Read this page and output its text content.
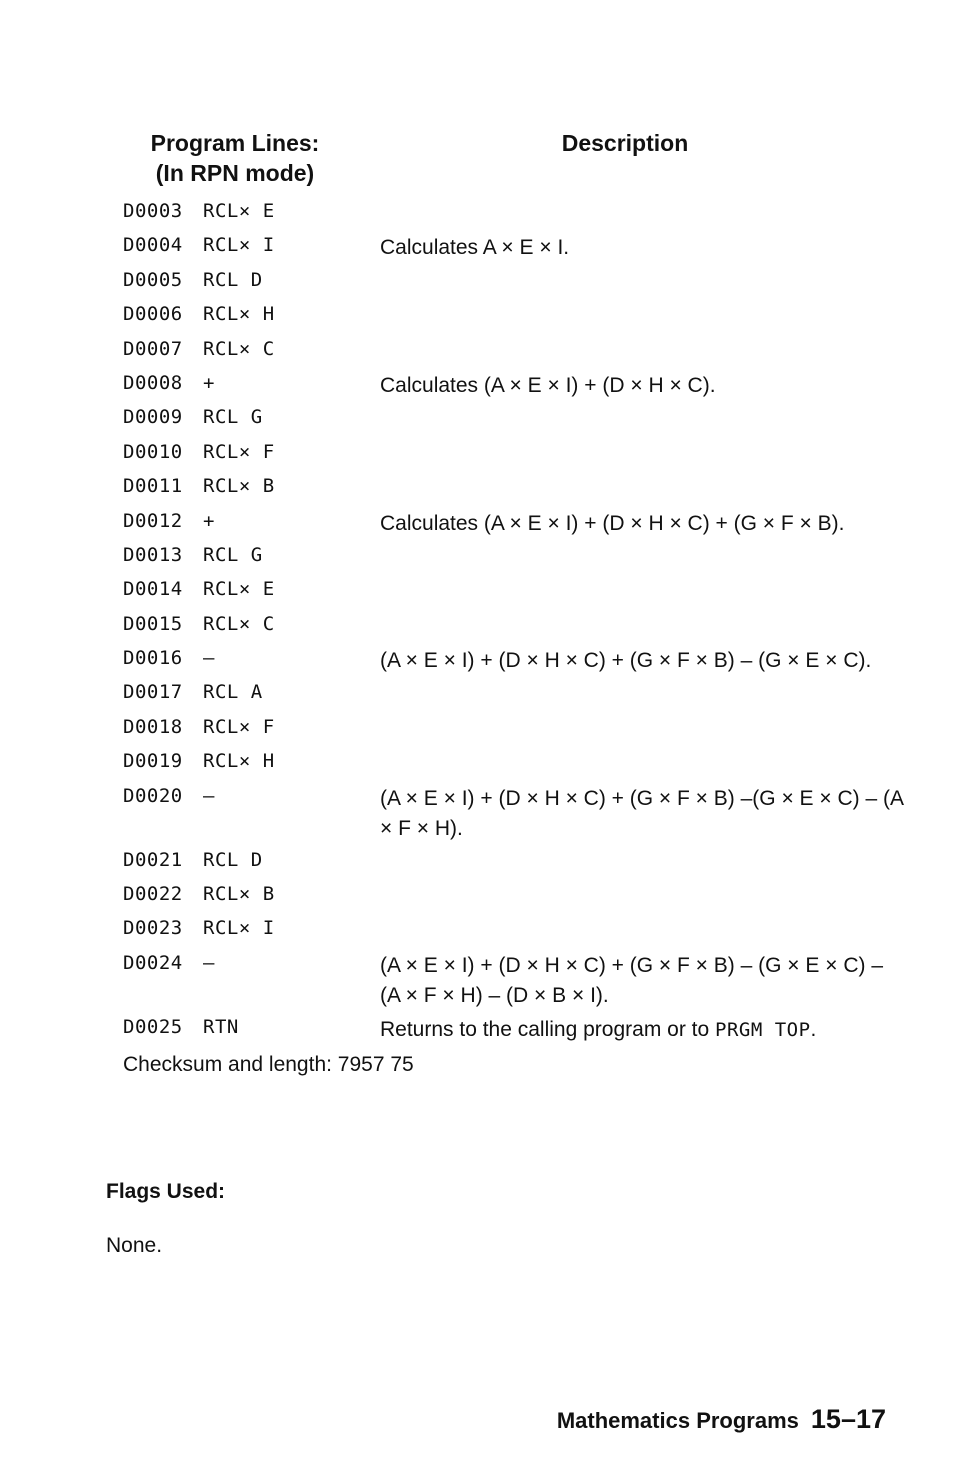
Program Lines:
(In RPN mode)
Description
D0003	RCL× E
D0004	RCL× I	Calculates A × E × I.
D0005	RCL D
D0006	RCL× H
D0007	RCL× C
D0008	+	Calculates (A × E × I) + (D × H × C).
D0009	RCL G
D0010	RCL× F
D0011	RCL× B
D0012	+	Calculates (A × E × I) + (D × H × C) + (G × F × B).
D0013	RCL G
D0014	RCL× E
D0015	RCL× C
D0016	–	(A × E × I) + (D × H × C) + (G × F × B) – (G × E × C).
D0017	RCL A
D0018	RCL× F
D0019	RCL× H
D0020	–	(A × E × I) + (D × H × C) + (G × F × B) –(G × E × C) – (A × F × H).
D0021	RCL D
D0022	RCL× B
D0023	RCL× I
D0024	–	(A × E × I) + (D × H × C) + (G × F × B) – (G × E × C) – (A × F × H) – (D × B × I).
D0025	RTN	Returns to the calling program or to PRGM TOP.
Checksum and length: 7957 75
Flags Used:
None.
Mathematics Programs 15–17
